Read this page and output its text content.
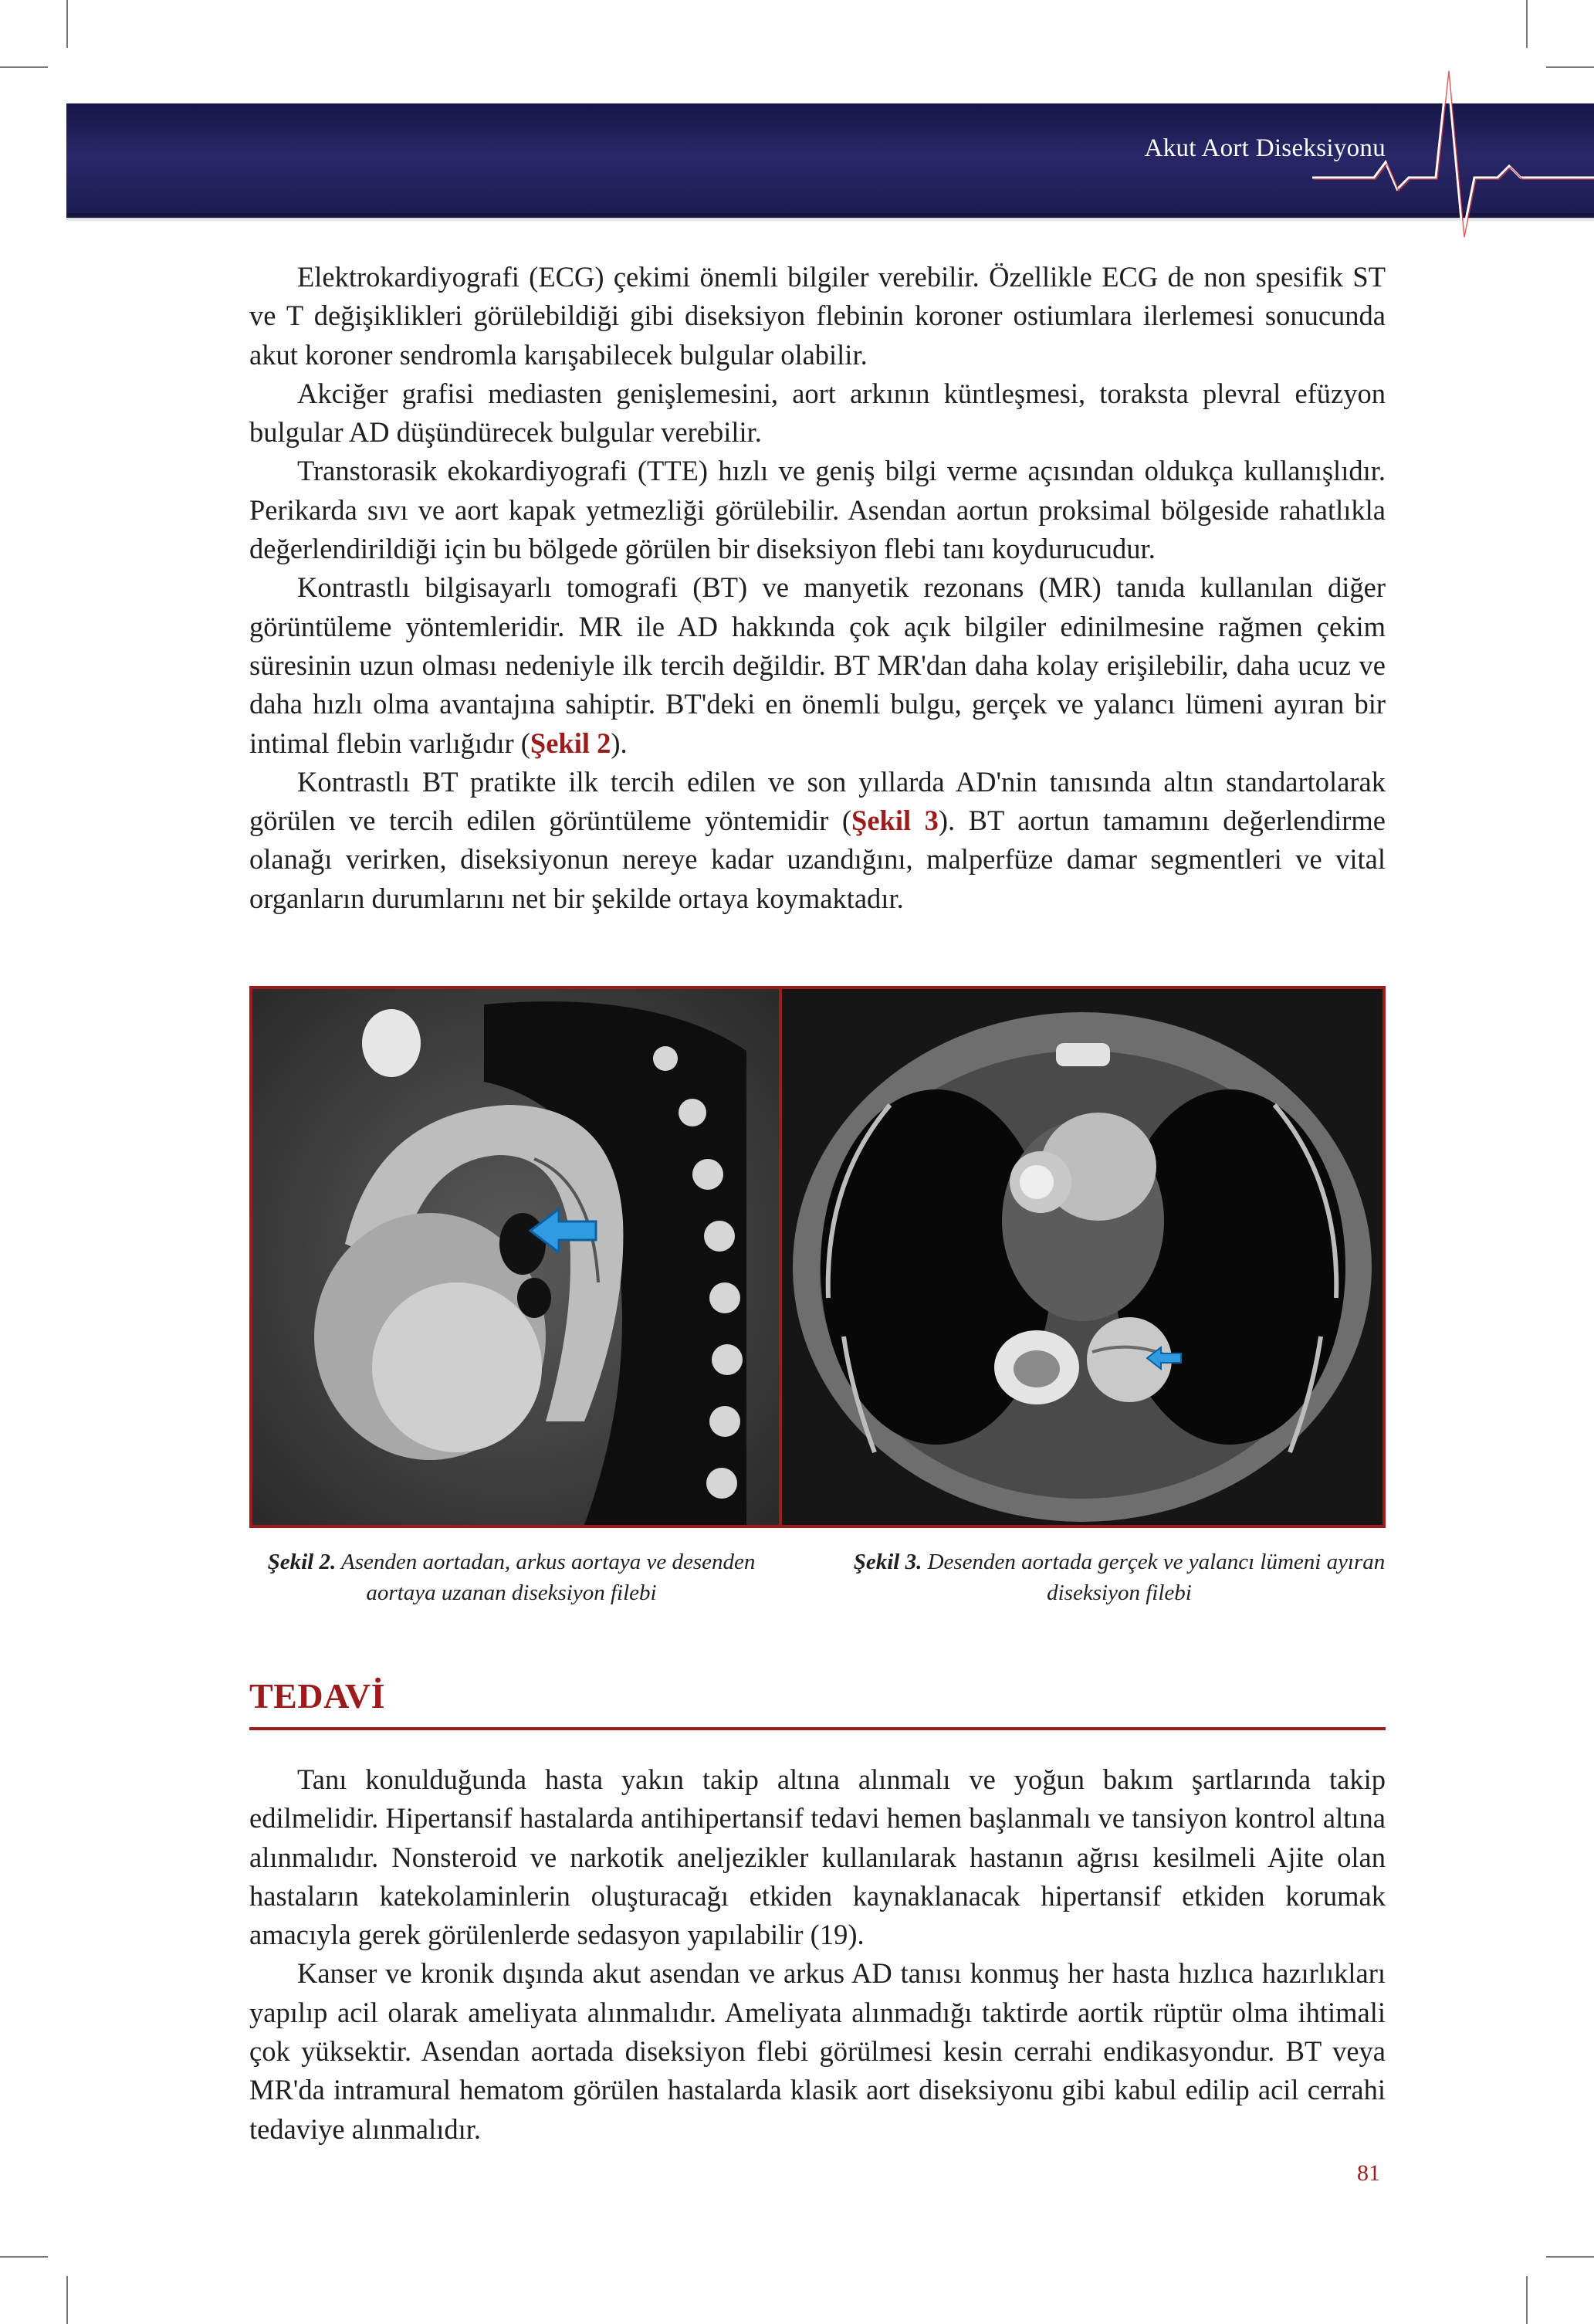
Akut Aort Diseksiyonu

Elektrokardiyografi (ECG) çekimi önemli bilgiler verebilir. Özellikle ECG de non spesifik ST ve T değişiklikleri görülebildiği gibi diseksiyon flebinin koroner ostiumlara ilerlemesi sonucunda akut koroner sendromla karışabilecek bulgular olabilir.

Akciğer grafisi mediasten genişlemesini, aort arkının küntleşmesi, toraksta plevral efüzyon bulgular AD düşündürecek bulgular verebilir.

Transtorasik ekokardiyografi (TTE) hızlı ve geniş bilgi verme açısından oldukça kullanışlıdır. Perikarda sıvı ve aort kapak yetmezliği görülebilir. Asendan aortun proksimal bölgeside rahatlıkla değerlendirildiği için bu bölgede görülen bir diseksiyon flebi tanı koydurucudur.

Kontrastlı bilgisayarlı tomografi (BT) ve manyetik rezonans (MR) tanıda kullanılan diğer görüntüleme yöntemleridir. MR ile AD hakkında çok açık bilgiler edinilmesine rağmen çekim süresinin uzun olması nedeniyle ilk tercih değildir. BT MR'dan daha kolay erişilebilir, daha ucuz ve daha hızlı olma avantajına sahiptir. BT'deki en önemli bulgu, gerçek ve yalancı lümeni ayıran bir intimal flebin varlığıdır (Şekil 2).

Kontrastlı BT pratikte ilk tercih edilen ve son yıllarda AD'nin tanısında altın standartolarak görülen ve tercih edilen görüntüleme yöntemidir (Şekil 3). BT aortun tamamını değerlendirme olanağı verirken, diseksiyonun nereye kadar uzandığını, malperfüze damar segmentleri ve vital organların durumlarını net bir şekilde ortaya koymaktadır.

Şekil 2. Asenden aortadan, arkus aortaya ve desenden aortaya uzanan diseksiyon filebi
Şekil 3. Desenden aortada gerçek ve yalancı lümeni ayıran diseksiyon filebi
TEDAVİ

Tanı konulduğunda hasta yakın takip altına alınmalı ve yoğun bakım şartlarında takip edilmelidir. Hipertansif hastalarda antihipertansif tedavi hemen başlanmalı ve tansiyon kontrol altına alınmalıdır. Nonsteroid ve narkotik aneljezikler kullanılarak hastanın ağrısı kesilmeli Ajite olan hastaların katekolaminlerin oluşturacağı etkiden kaynaklanacak hipertansif etkiden korumak amacıyla gerek görülenlerde sedasyon yapılabilir (19).

Kanser ve kronik dışında akut asendan ve arkus AD tanısı konmuş her hasta hızlıca hazırlıkları yapılıp acil olarak ameliyata alınmalıdır. Ameliyata alınmadığı taktirde aortik rüptür olma ihtimali çok yüksektir. Asendan aortada diseksiyon flebi görülmesi kesin cerrahi endikasyondur. BT veya MR'da intramural hematom görülen hastalarda klasik aort diseksiyonu gibi kabul edilip acil cerrahi tedaviye alınmalıdır.

81
